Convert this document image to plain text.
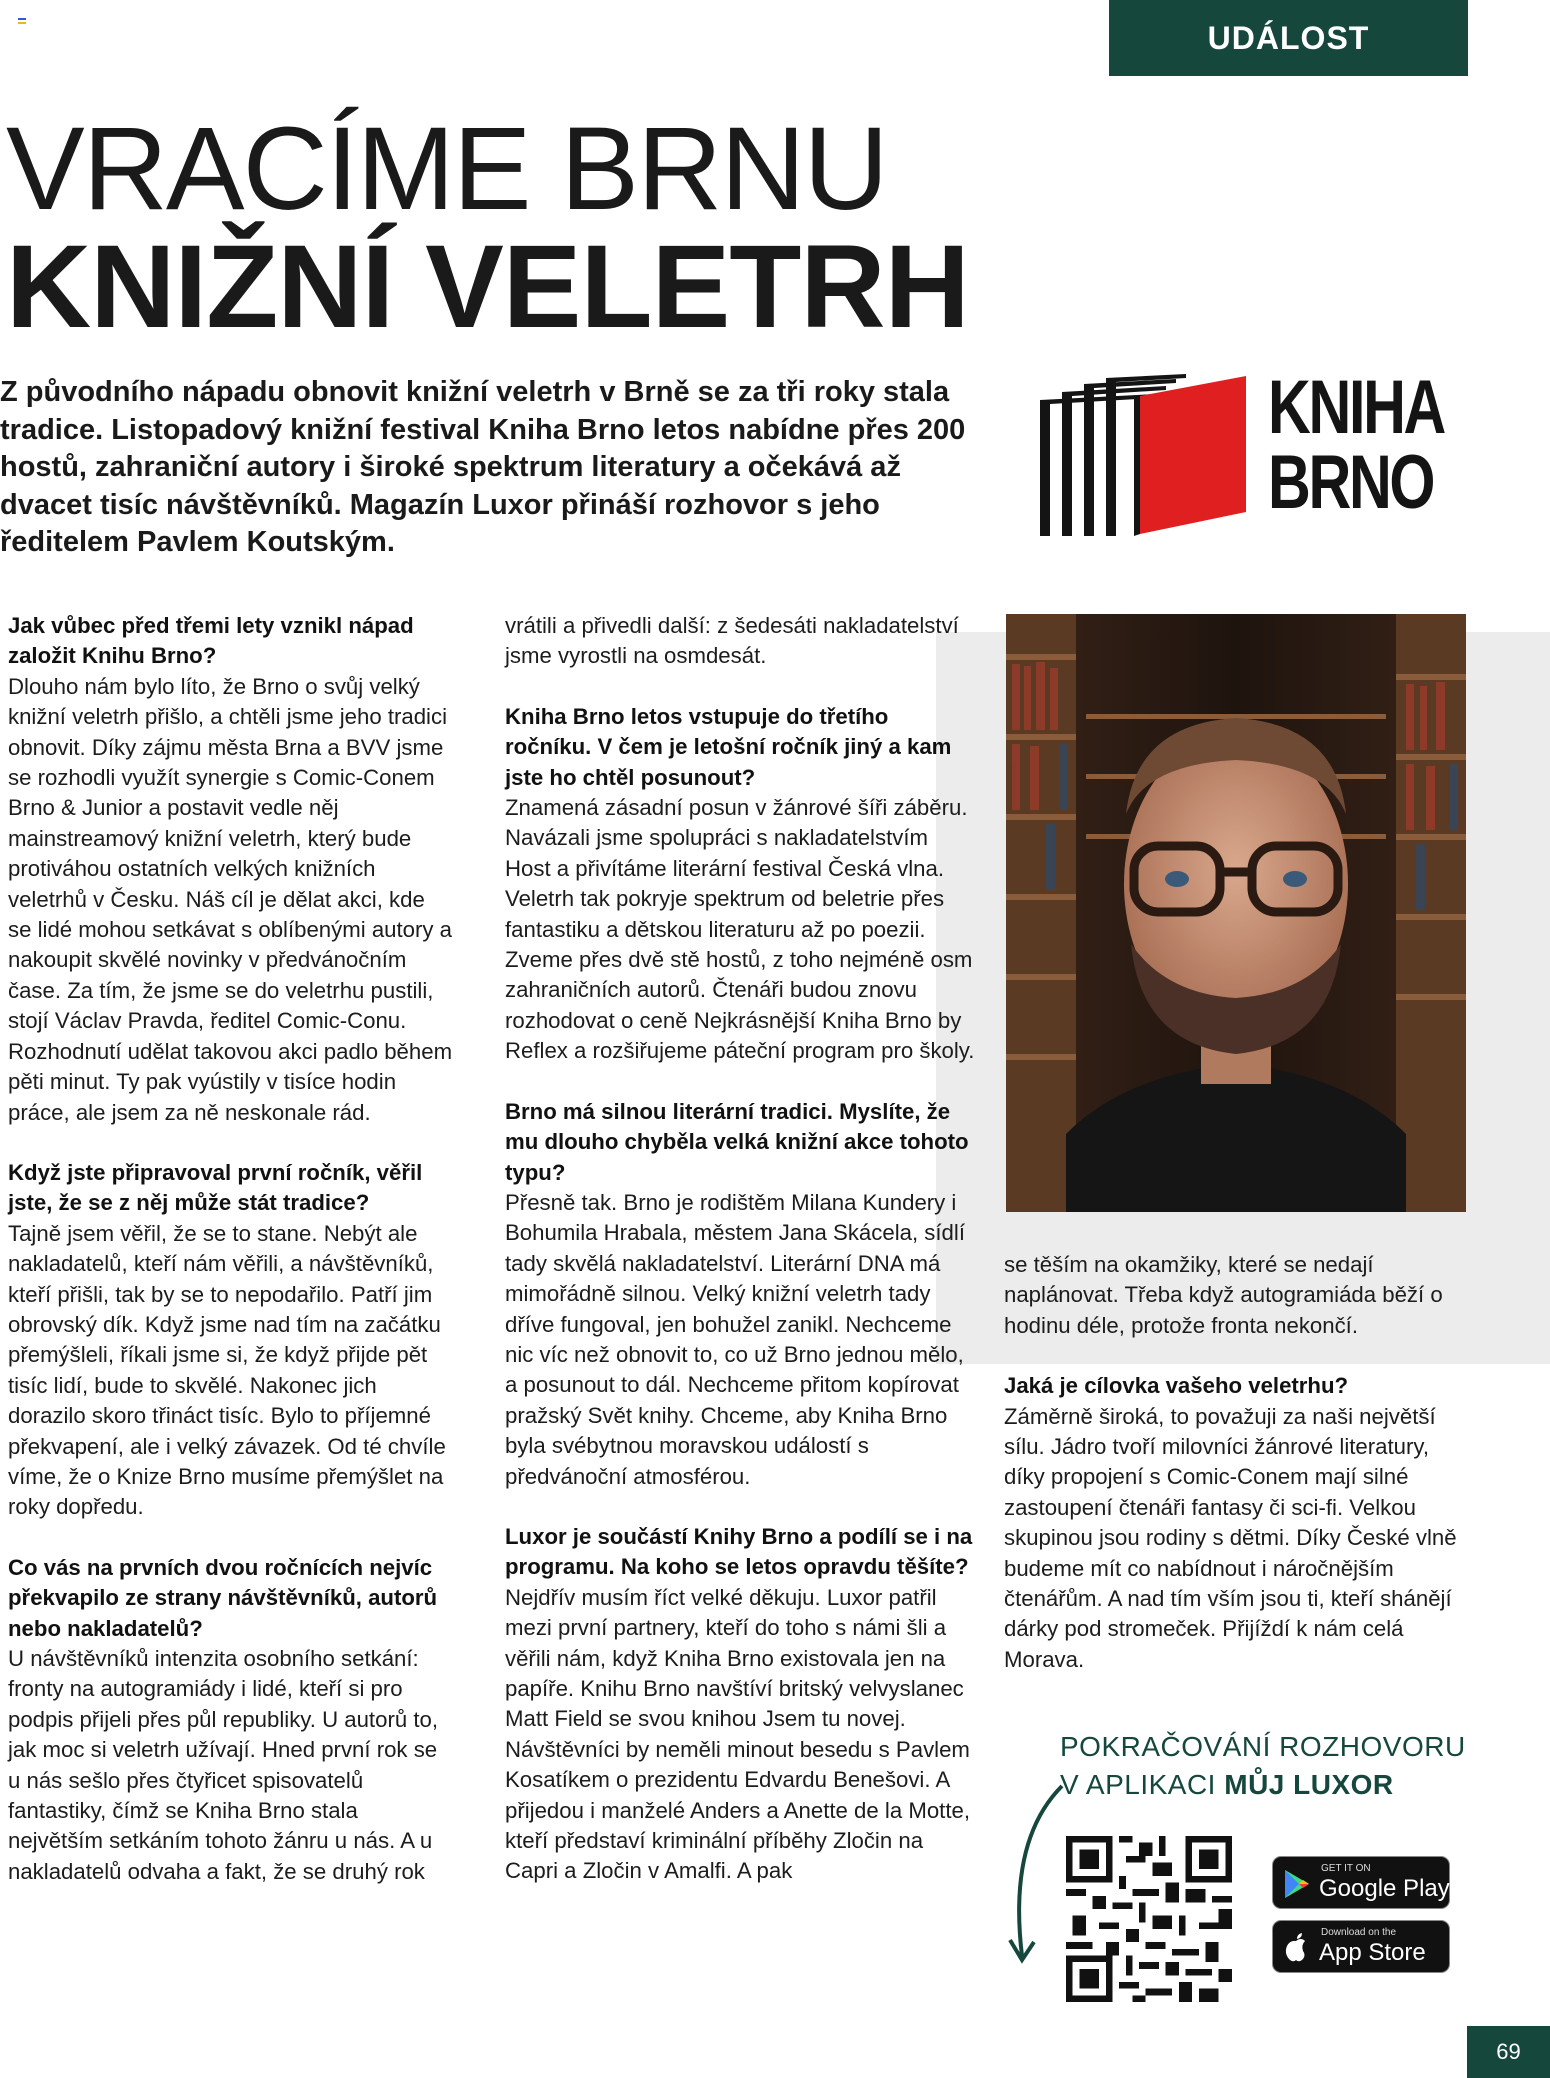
UDÁLOST
VRACÍME BRNU
KNIŽNÍ VELETRH
Z původního nápadu obnovit knižní veletrh v Brně se za tři roky stala tradice. Listopadový knižní festival Kniha Brno letos nabídne přes 200 hostů, zahraniční autory i široké spektrum literatury a očekává až dvacet tisíc návštěvníků. Magazín Luxor přináší rozhovor s jeho ředitelem Pavlem Koutským.
KNIHA
BRNO

Jak vůbec před třemi lety vznikl nápad založit Knihu Brno?

Dlouho nám bylo líto, že Brno o svůj velký knižní veletrh přišlo, a chtěli jsme jeho tradici obnovit. Díky zájmu města Brna a BVV jsme se rozhodli využít synergie s Comic-Conem Brno & Junior a postavit vedle něj mainstreamový knižní veletrh, který bude protiváhou ostatních velkých knižních veletrhů v Česku. Náš cíl je dělat akci, kde se lidé mohou setkávat s oblíbenými autory a nakoupit skvělé novinky v předvánočním čase. Za tím, že jsme se do veletrhu pustili, stojí Václav Pravda, ředitel Comic-Conu. Rozhodnutí udělat takovou akci padlo během pěti minut. Ty pak vyústily v tisíce hodin práce, ale jsem za ně neskonale rád.

Když jste připravoval první ročník, věřil jste, že se z něj může stát tradice?

Tajně jsem věřil, že se to stane. Nebýt ale nakladatelů, kteří nám věřili, a návštěvníků, kteří přišli, tak by se to nepodařilo. Patří jim obrovský dík. Když jsme nad tím na začátku přemýšleli, říkali jsme si, že když přijde pět tisíc lidí, bude to skvělé. Nakonec jich dorazilo skoro třináct tisíc. Bylo to příjemné překvapení, ale i velký závazek. Od té chvíle víme, že o Knize Brno musíme přemýšlet na roky dopředu.

Co vás na prvních dvou ročnících nejvíc překvapilo ze strany návštěvníků, autorů nebo nakladatelů?

U návštěvníků intenzita osobního setkání: fronty na autogramiády i lidé, kteří si pro podpis přijeli přes půl republiky. U autorů to, jak moc si veletrh užívají. Hned první rok se u nás sešlo přes čtyřicet spisovatelů fantastiky, čímž se Kniha Brno stala největším setkáním tohoto žánru u nás. A u nakladatelů odvaha a fakt, že se druhý rok

vrátili a přivedli další: z šedesáti nakladatelství jsme vyrostli na osmdesát.

Kniha Brno letos vstupuje do třetího ročníku. V čem je letošní ročník jiný a kam jste ho chtěl posunout?

Znamená zásadní posun v žánrové šíři záběru. Navázali jsme spolupráci s nakladatelstvím Host a přivítáme literární festival Česká vlna. Veletrh tak pokryje spektrum od beletrie přes fantastiku a dětskou literaturu až po poezii. Zveme přes dvě stě hostů, z toho nejméně osm zahraničních autorů. Čtenáři budou znovu rozhodovat o ceně Nejkrásnější Kniha Brno by Reflex a rozšiřujeme páteční program pro školy.

Brno má silnou literární tradici. Myslíte, že mu dlouho chyběla velká knižní akce tohoto typu?

Přesně tak. Brno je rodištěm Milana Kundery i Bohumila Hrabala, městem Jana Skácela, sídlí tady skvělá nakladatelství. Literární DNA má mimořádně silnou. Velký knižní veletrh tady dříve fungoval, jen bohužel zanikl. Nechceme nic víc než obnovit to, co už Brno jednou mělo, a posunout to dál. Nechceme přitom kopírovat pražský Svět knihy. Chceme, aby Kniha Brno byla svébytnou moravskou událostí s předvánoční atmosférou.

Luxor je součástí Knihy Brno a podílí se i na programu. Na koho se letos opravdu těšíte?

Nejdřív musím říct velké děkuju. Luxor patřil mezi první partnery, kteří do toho s námi šli a věřili nám, když Kniha Brno existovala jen na papíře. Knihu Brno navštíví britský velvyslanec Matt Field se svou knihou Jsem tu novej. Návštěvníci by neměli minout besedu s Pavlem Kosatíkem o prezidentu Edvardu Benešovi. A přijedou i manželé Anders a Anette de la Motte, kteří představí kriminální příběhy Zločin na Capri a Zločin v Amalfi. A pak

se těším na okamžiky, které se nedají naplánovat. Třeba když autogramiáda běží o hodinu déle, protože fronta nekončí.

Jaká je cílovka vašeho veletrhu?

Záměrně široká, to považuji za naši největší sílu. Jádro tvoří milovníci žánrové literatury, díky propojení s Comic-Conem mají silné zastoupení čtenáři fantasy či sci-fi. Velkou skupinou jsou rodiny s dětmi. Díky České vlně budeme mít co nabídnout i náročnějším čtenářům. A nad tím vším jsou ti, kteří shánějí dárky pod stromeček. Přijíždí k nám celá Morava.

POKRAČOVÁNÍ ROZHOVORU
V APLIKACI MŮJ LUXOR
GET IT ON
Google Play
Download on the
App Store
69
